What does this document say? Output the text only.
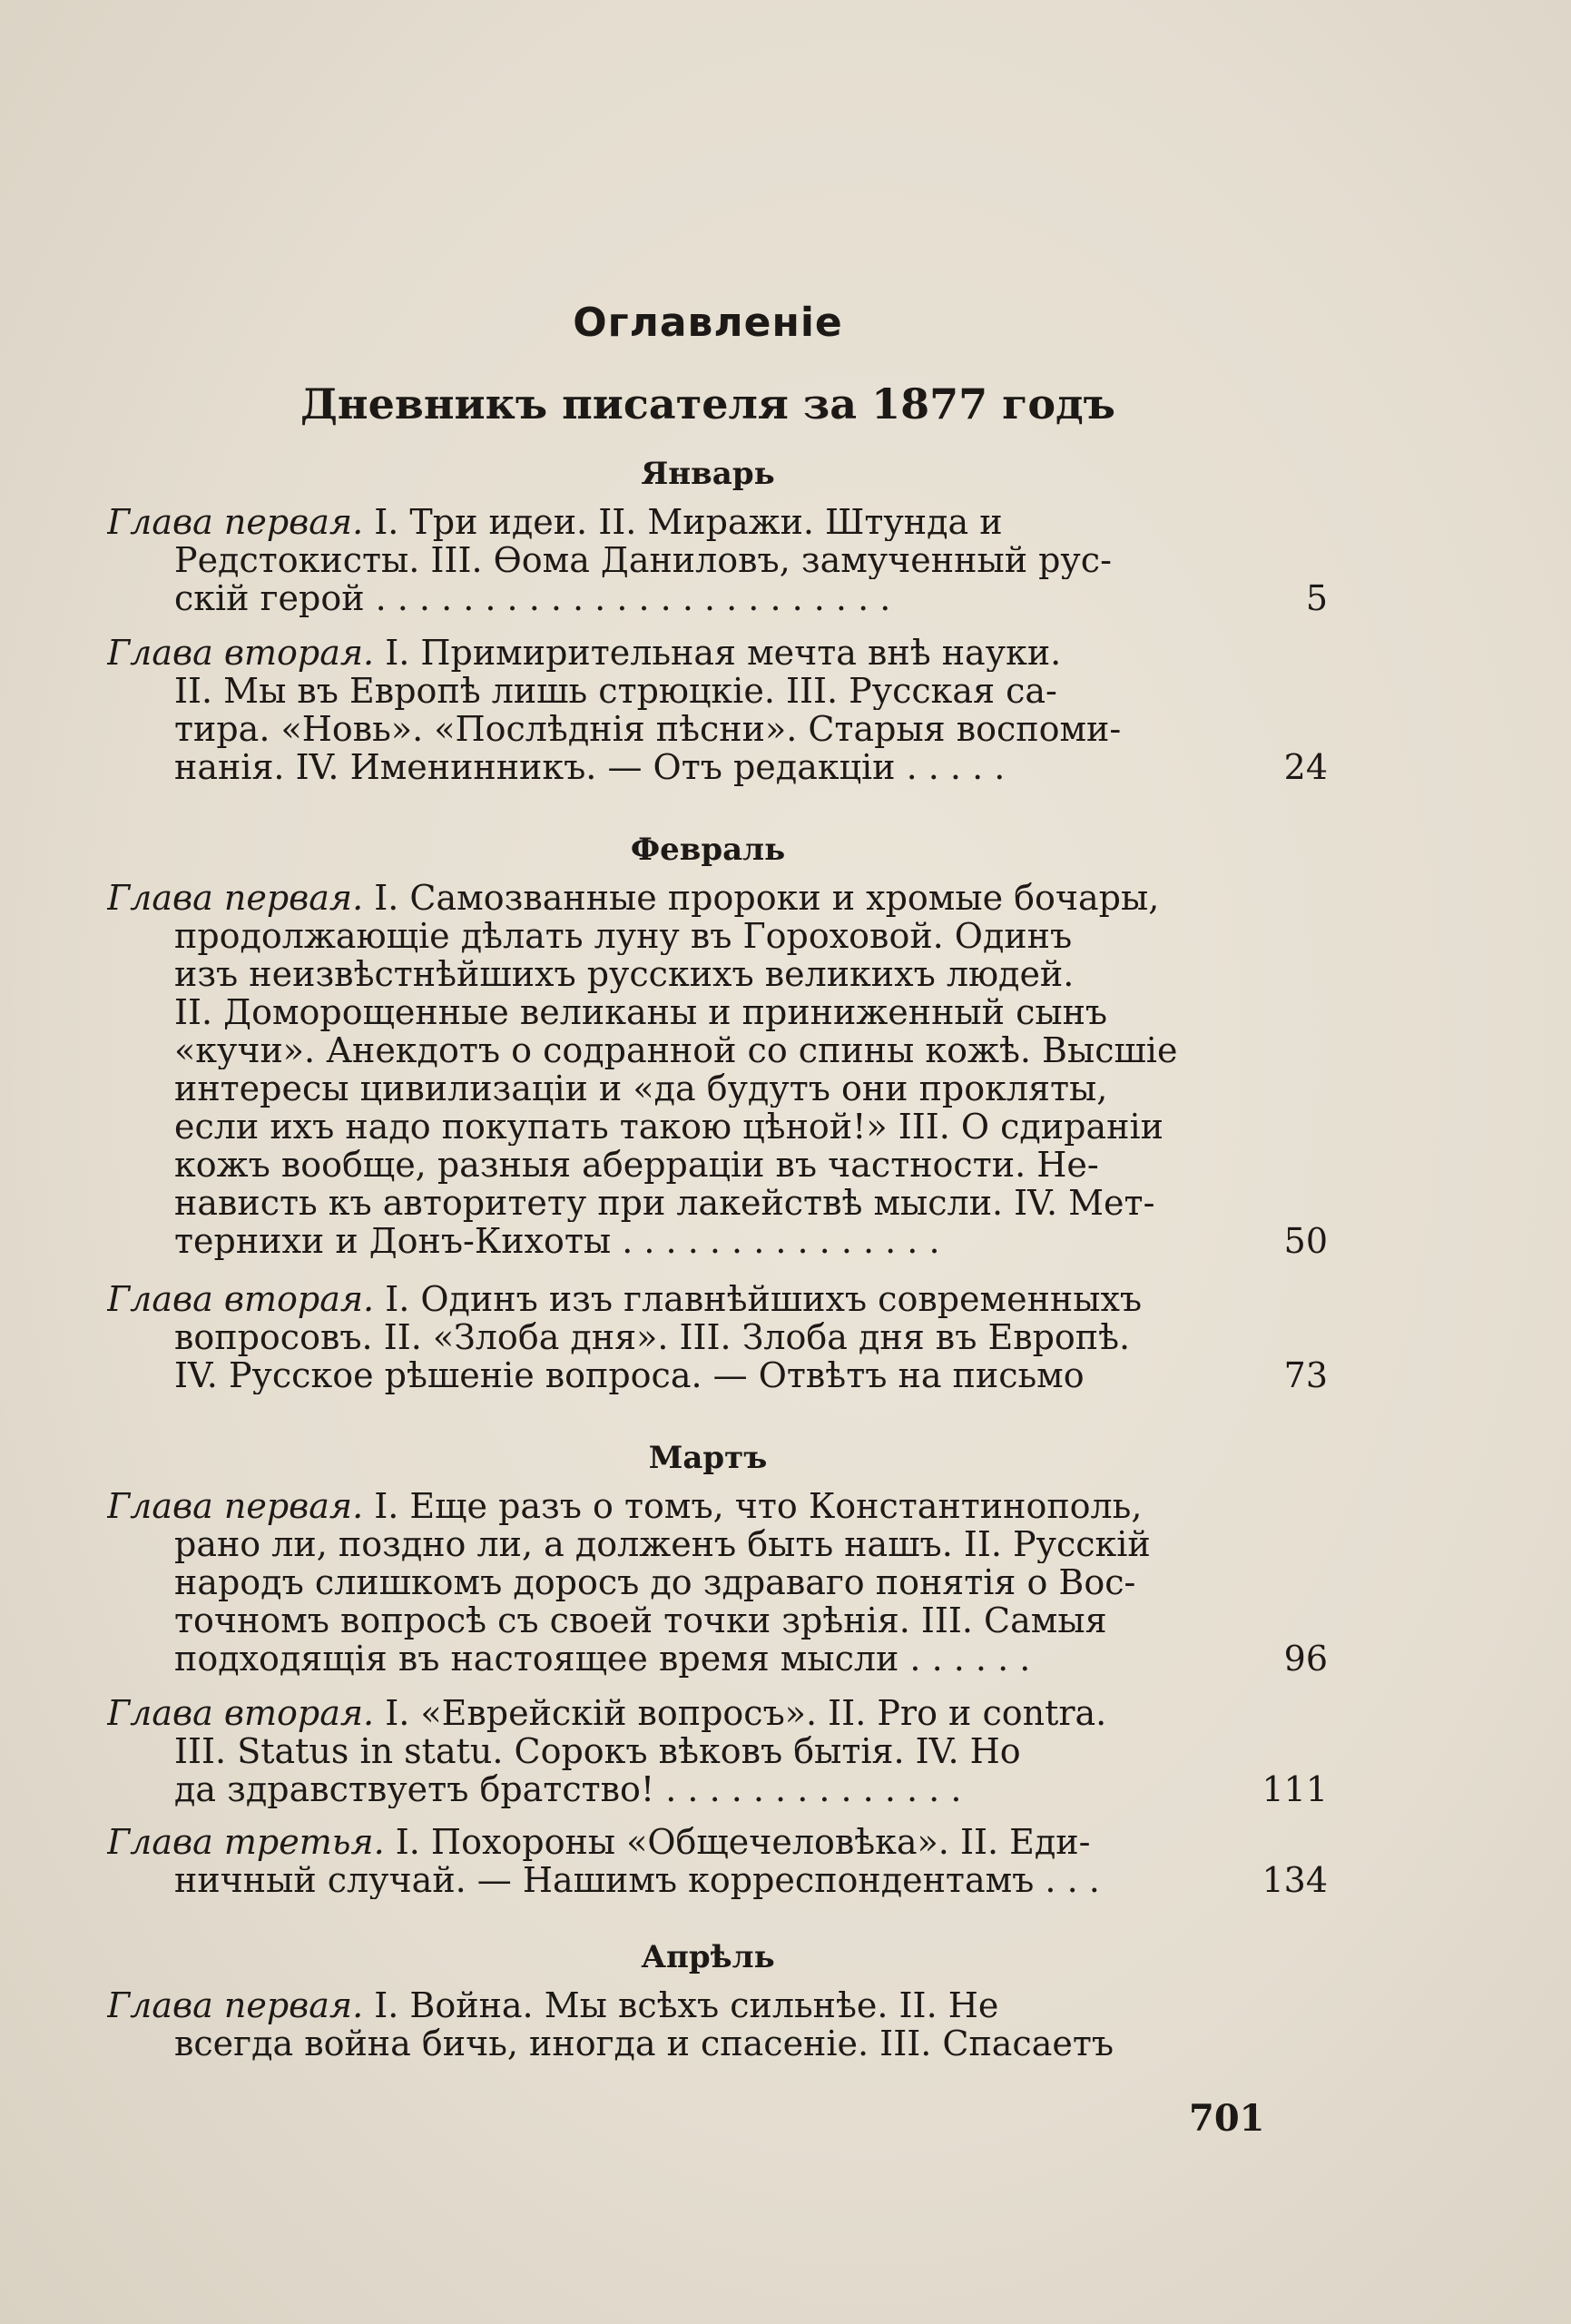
Оглавленіе
Дневникъ писателя за 1877 годъ
Январь
Глава первая. I. Три идеи. II. Миражи. Штунда и
Редстокисты. III. Ѳома Даниловъ, замученный рус-
скій герой . . . . . . . . . . . . . . . . . . . . . . . .	5
Глава вторая. I. Примирительная мечта внѣ науки.
II. Мы въ Европѣ лишь стрюцкіе. III. Русская са-
тира. «Новь». «Послѣднія пѣсни». Старыя воспоми-
нанія. IV. Именинникъ. — Отъ редакціи . . . . .	24
Февраль
Глава первая. I. Самозванные пророки и хромые бочары,
продолжающіе дѣлать луну въ Гороховой. Одинъ
изъ неизвѣстнѣйшихъ русскихъ великихъ людей.
II. Доморощенные великаны и приниженный сынъ
«кучи». Анекдотъ о содранной со спины кожѣ. Высшіе
интересы цивилизаціи и «да будутъ они прокляты,
если ихъ надо покупать такою цѣной!» III. О сдираніи
кожъ вообще, разныя аберраціи въ частности. Не-
нависть къ авторитету при лакействѣ мысли. IV. Мет-
тернихи и Донъ-Кихоты . . . . . . . . . . . . . . .	50
Глава вторая. I. Одинъ изъ главнѣйшихъ современныхъ
вопросовъ. II. «Злоба дня». III. Злоба дня въ Европѣ.
IV. Русское рѣшеніе вопроса. — Отвѣтъ на письмо	73
Мартъ
Глава первая. I. Еще разъ о томъ, что Константинополь,
рано ли, поздно ли, а долженъ быть нашъ. II. Русскій
народъ слишкомъ доросъ до здраваго понятія о Вос-
точномъ вопросѣ съ своей точки зрѣнія. III. Самыя
подходящія въ настоящее время мысли . . . . . .	96
Глава вторая. I. «Еврейскій вопросъ». II. Pro и contra.
III. Status in statu. Сорокъ вѣковъ бытія. IV. Но
да здравствуетъ братство! . . . . . . . . . . . . . .	111
Глава третья. I. Похороны «Общечеловѣка». II. Еди-
ничный случай. — Нашимъ корреспондентамъ . . .	134
Апрѣль
Глава первая. I. Война. Мы всѣхъ сильнѣе. II. Не
всегда война бичь, иногда и спасеніе. III. Спасаетъ
701
